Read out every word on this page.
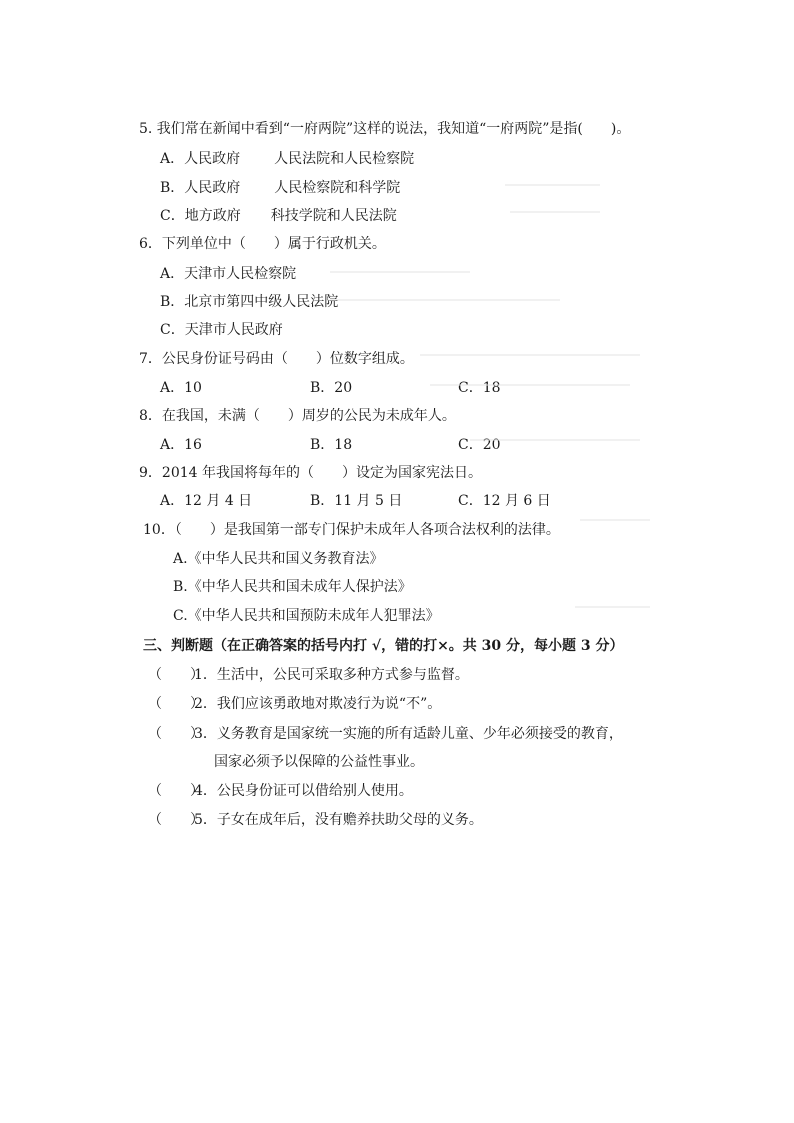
5. 我们常在新闻中看到“一府两院”这样的说法，我知道“一府两院”是指(　　)。
A．人民政府 人民法院和人民检察院
B．人民政府 人民检察院和科学院
C．地方政府 科技学院和人民法院
6．下列单位中（　　）属于行政机关。
A．天津市人民检察院
B．北京市第四中级人民法院
C．天津市人民政府
7．公民身份证号码由（　　）位数字组成。
A．10	B．20	C．18
8．在我国，未满（　　）周岁的公民为未成年人。
A．16	B．18	C．20
9．2014 年我国将每年的（　　）设定为国家宪法日。
A．12 月 4 日	B．11 月 5 日	C．12 月 6 日
10．（　　）是我国第一部专门保护未成年人各项合法权利的法律。
A.《中华人民共和国义务教育法》
B.《中华人民共和国未成年人保护法》
C.《中华人民共和国预防未成年人犯罪法》
三、判断题（在正确答案的括号内打 √，错的打×。共 30 分，每小题 3 分）
（　　）
1．生活中，公民可采取多种方式参与监督。
（　　）
2．我们应该勇敢地对欺凌行为说“不”。
（　　）
3．义务教育是国家统一实施的所有适龄儿童、少年必须接受的教育，
国家必须予以保障的公益性事业。
（　　）
4．公民身份证可以借给别人使用。
（　　）
5．子女在成年后，没有赡养扶助父母的义务。
